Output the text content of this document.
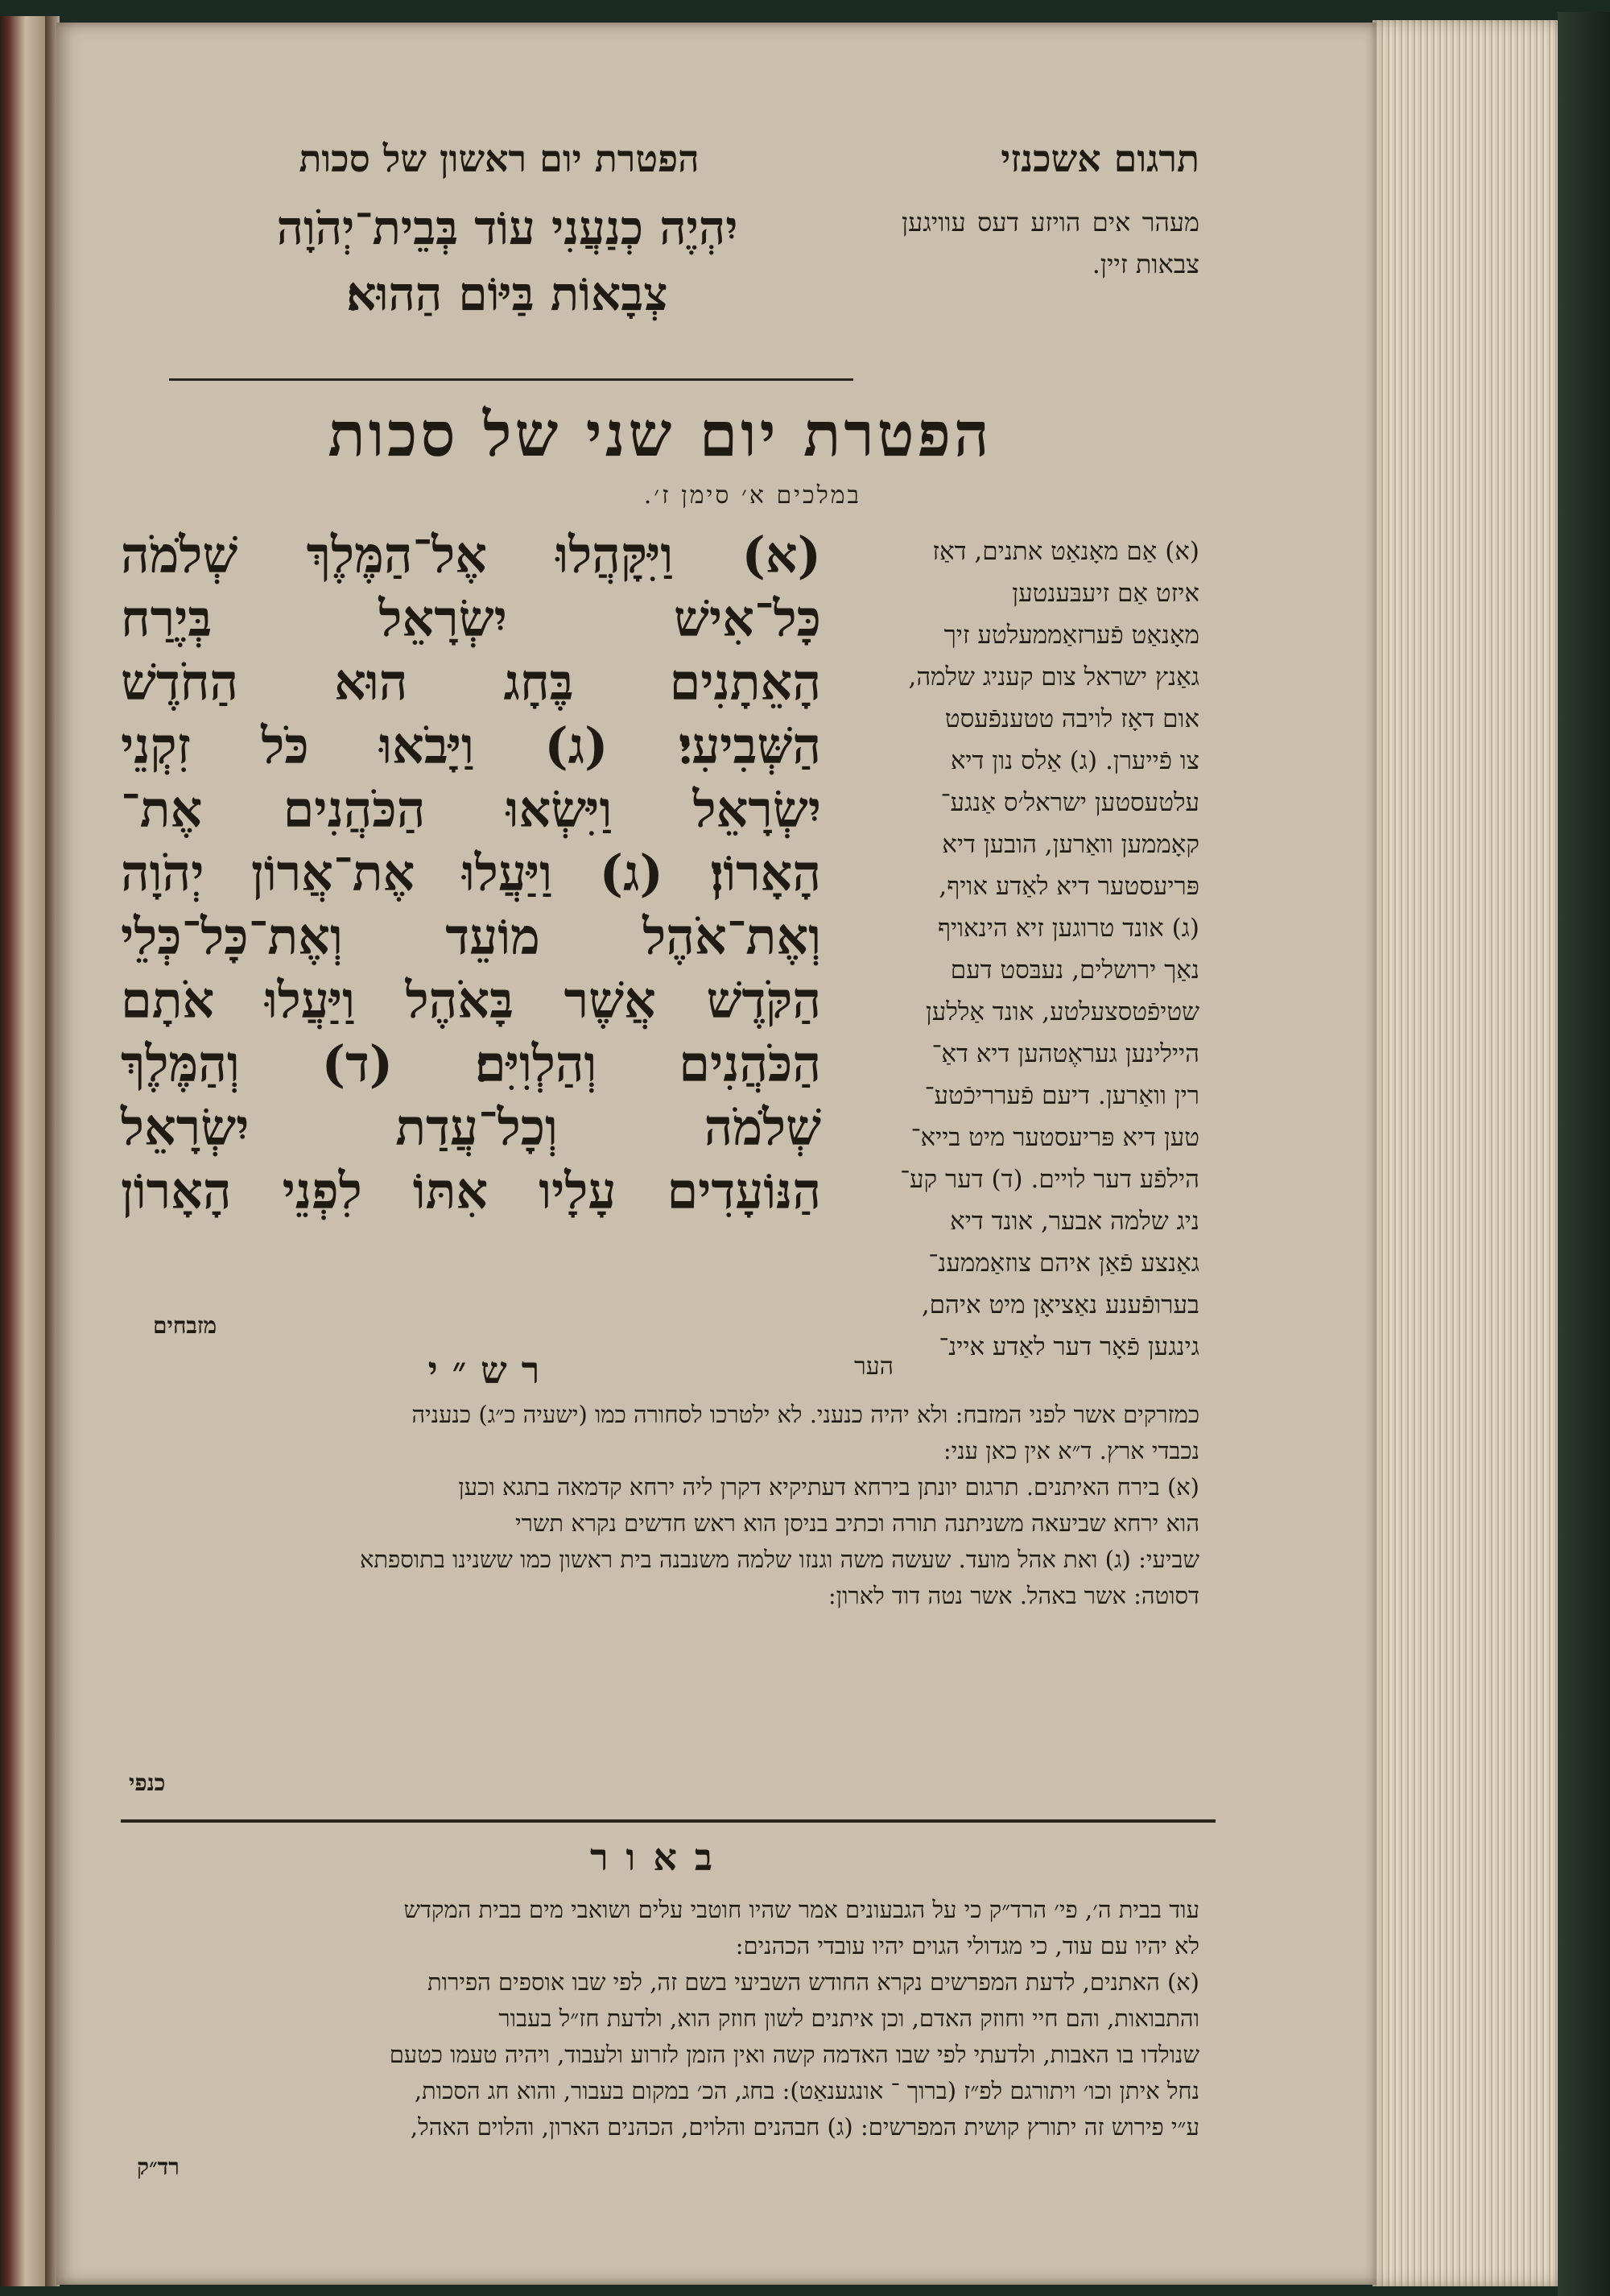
תרגום אשכנזי
הפטרת יום ראשון של סכות
מעהר אים הויזע דעס עוויגען צבאות זיין.
יִהְיֶה כְנַעֲנִי עוֹד בְּבֵית־יְהֹוָה
צְבָאוֹת בַּיּוֹם הַהוּא׃
הפטרת יום שני של סכות
במלכים א׳ סימן ז׳.

(א) אַם מאָנאַט אתנים, דאַז

איזט אַם זיעבּענטען

מאָנאַט פֿערזאַממעלטע זיך

גאַנץ ישראל צום קעניג שלמה,

אום דאָז לויבה טטענפֿעסט

צו פֿייערן. (ג) אַלס נון דיא

עלטעסטען ישראל׳ס אַנגע־

קאָממען וואַרען, הובען דיא

פּריעסטער דיא לאַדע אויף,

(ג) אונד טרוגען זיא הינאויף

נאַך ירושלים, נעבּסט דעם

שטיפֿטסצעלטע, אונד אַללען

היילינען געראֶטהען דיא דאַ־

רין וואַרען. דיעם פֿערריכֿטע־

טען דיא פּריעסטער מיט בייא־

הילפֿע דער לויים. (ד) דער קע־

ניג שלמה אבער, אונד דיא

גאַנצע פֿאַן איהם צוזאַממענ־

בערופֿענע נאַציאָן מיט איהם,

גינגען פֿאָר דער לאַדע איינ־

הער

(א) וַיִּקָּהֲלוּ אֶל־הַמֶּלֶךְ שְׁלֹמֹה

כָּל־אִישׁ יִשְׂרָאֵל בְּיֶרַח

הָאֵתָנִים בֶּחָג הוּא הַחֹדֶשׁ

הַשְּׁבִיעִי׃ (ג) וַיָּבֹאוּ כֹּל זִקְנֵי

יִשְׂרָאֵל וַיִּשְׂאוּ הַכֹּהֲנִים אֶת־

הָאָרוֹן׃ (ג) וַיַּעֲלוּ אֶת־אֲרוֹן יְהֹוָה

וְאֶת־אֹהֶל מוֹעֵד וְאֶת־כָּל־כְּלֵי

הַקֹּדֶשׁ אֲשֶׁר בָּאֹהֶל וַיַּעֲלוּ אֹתָם

הַכֹּהֲנִים וְהַלְוִיִּם׃ (ד) וְהַמֶּלֶךְ

שְׁלֹמֹה וְכָל־עֲדַת יִשְׂרָאֵל

הַנּוֹעָדִים עָלָיו אִתּוֹ לִפְנֵי הָאָרוֹן

מזבחים
רש״י

כמזרקים אשר לפני המזבח: ולא יהיה כנעני. לא ילטרכו לסחורה כמו (ישעיה כ״ג) כנעניה

נכבדי ארץ. ד״א אין כאן עני:

(א) בירח האיתנים. תרגום יונתן בירחא דעתיקיא דקרן ליה ירחא קדמאה בתגא וכען

הוא ירחא שביעאה משניתנה תורה וכתיב בניסן הוא ראש חדשים נקרא תשרי

שביעי: (ג) ואת אהל מועד. שעשה משה וגנזו שלמה משנבנה בית ראשון כמו ששנינו בתוספתא

דסוטה: אשר באהל. אשר נטה דוד לארון:

כנפי
באור

עוד בבית ה׳, פי׳ הרד״ק כי על הגבעונים אמר שהיו חוטבי עלים ושואבי מים בבית המקדש

לא יהיו עם עוד, כי מגדולי הגוים יהיו עובדי הכהנים:

(א) האתנים, לדעת המפרשים נקרא החודש השביעי בשם זה, לפי שבו אוספים הפירות

והתבואות, והם חיי וחוזק האדם, וכן איתנים לשון חוזק הוא, ולדעת חז״ל בעבור

שנולדו בו האבות, ולדעתי לפי שבו האדמה קשה ואין הזמן לזרוע ולעבוד, ויהיה טעמו כטעם

נחל איתן וכו׳ ויתורגם לפ״ז (ברוך ־ אונגענאַט): בחג, הכ׳ במקום בעבור, והוא חג הסכות,

ע״י פירוש זה יתורץ קושית המפרשים: (ג) חבהנים והלוים, הכהנים הארון, והלוים האהל,

רד״ק
